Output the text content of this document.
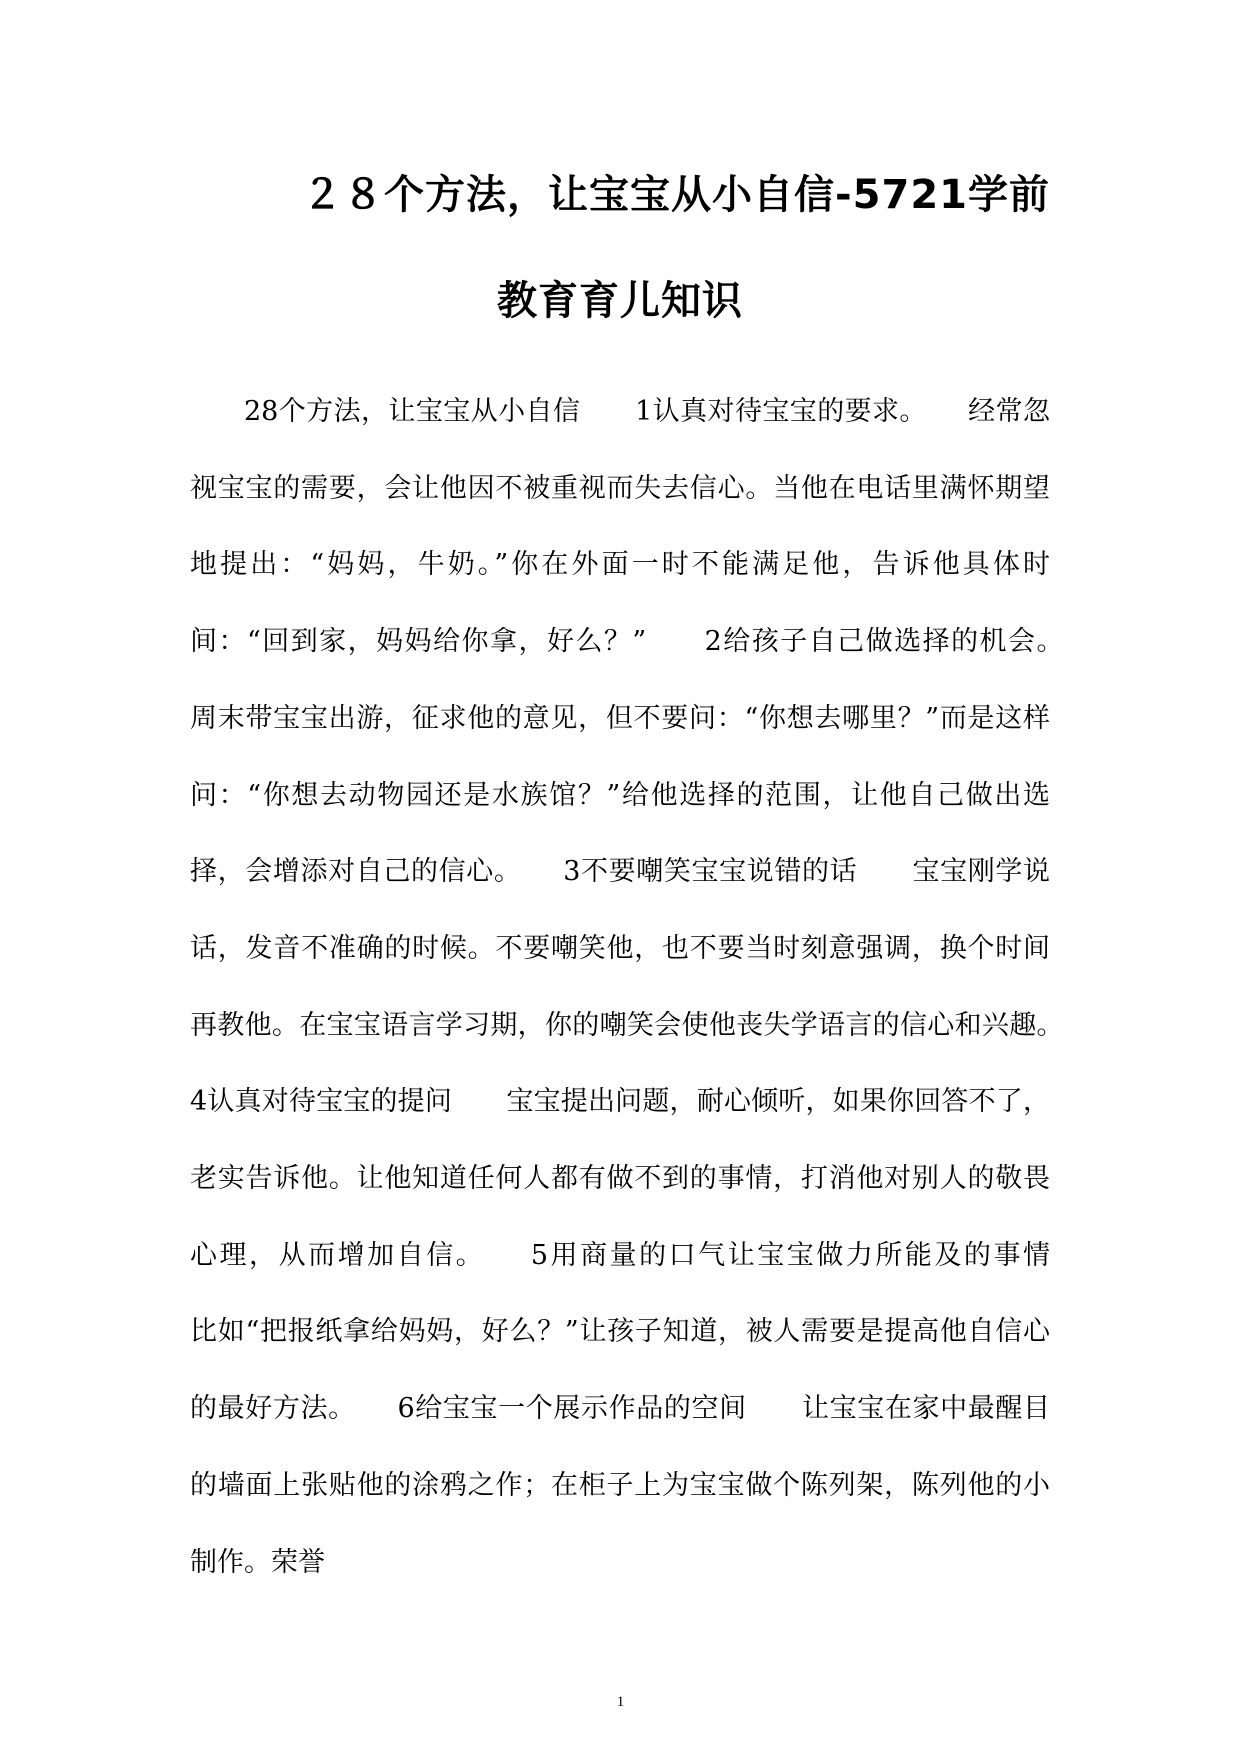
２８个方法，让宝宝从小自信-5721学前
教育育儿知识

28个方法，让宝宝从小自信　　1认真对待宝宝的要求。　　经常忽视宝宝的需要，会让他因不被重视而失去信心。当他在电话里满怀期望地提出：“妈妈，牛奶。”你在外面一时不能满足他，告诉他具体时间：“回到家，妈妈给你拿，好么？”　　2给孩子自己做选择的机会。　　周末带宝宝出游，征求他的意见，但不要问：“你想去哪里？”而是这样问：“你想去动物园还是水族馆？”给他选择的范围，让他自己做出选择，会增添对自己的信心。　　3不要嘲笑宝宝说错的话　　宝宝刚学说话，发音不准确的时候。不要嘲笑他，也不要当时刻意强调，换个时间再教他。在宝宝语言学习期，你的嘲笑会使他丧失学语言的信心和兴趣。　　4认真对待宝宝的提问　　宝宝提出问题，耐心倾听，如果你回答不了，老实告诉他。让他知道任何人都有做不到的事情，打消他对别人的敬畏心理，从而增加自信。　　5用商量的口气让宝宝做力所能及的事情　　比如“把报纸拿给妈妈，好么？”让孩子知道，被人需要是提高他自信心的最好方法。　　6给宝宝一个展示作品的空间　　让宝宝在家中最醒目的墙面上张贴他的涂鸦之作；在柜子上为宝宝做个陈列架，陈列他的小制作。荣誉

1
